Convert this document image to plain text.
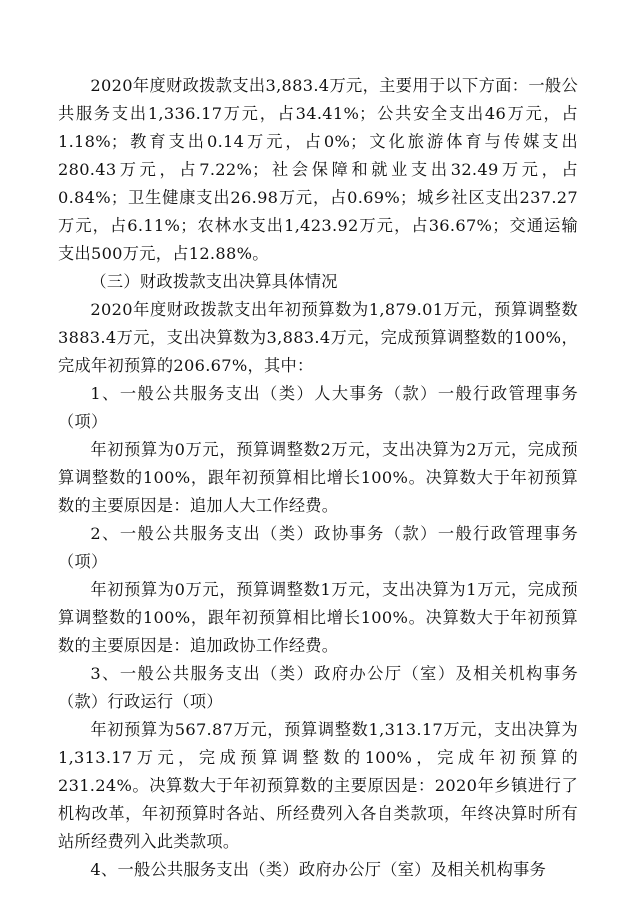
2020年度财政拨款支出3,883.4万元，主要用于以下方面：一般公共服务支出1,336.17万元，占34.41%；公共安全支出46万元，占1.18%；教育支出0.14万元，占0%；文化旅游体育与传媒支出280.43万元，占7.22%；社会保障和就业支出32.49万元，占0.84%；卫生健康支出26.98万元，占0.69%；城乡社区支出237.27万元，占6.11%；农林水支出1,423.92万元，占36.67%；交通运输支出500万元，占12.88%。

（三）财政拨款支出决算具体情况

2020年度财政拨款支出年初预算数为1,879.01万元，预算调整数3883.4万元，支出决算数为3,883.4万元，完成预算调整数的100%，完成年初预算的206.67%，其中：

1、一般公共服务支出（类）人大事务（款）一般行政管理事务（项）

年初预算为0万元，预算调整数2万元，支出决算为2万元，完成预算调整数的100%，跟年初预算相比增长100%。决算数大于年初预算数的主要原因是：追加人大工作经费。

2、一般公共服务支出（类）政协事务（款）一般行政管理事务（项）

年初预算为0万元，预算调整数1万元，支出决算为1万元，完成预算调整数的100%，跟年初预算相比增长100%。决算数大于年初预算数的主要原因是：追加政协工作经费。

3、一般公共服务支出（类）政府办公厅（室）及相关机构事务（款）行政运行（项）

年初预算为567.87万元，预算调整数1,313.17万元，支出决算为1,313.17万元，完成预算调整数的100%，完成年初预算的231.24%。决算数大于年初预算数的主要原因是：2020年乡镇进行了机构改革，年初预算时各站、所经费列入各自类款项，年终决算时所有站所经费列入此类款项。

4、一般公共服务支出（类）政府办公厅（室）及相关机构事务
